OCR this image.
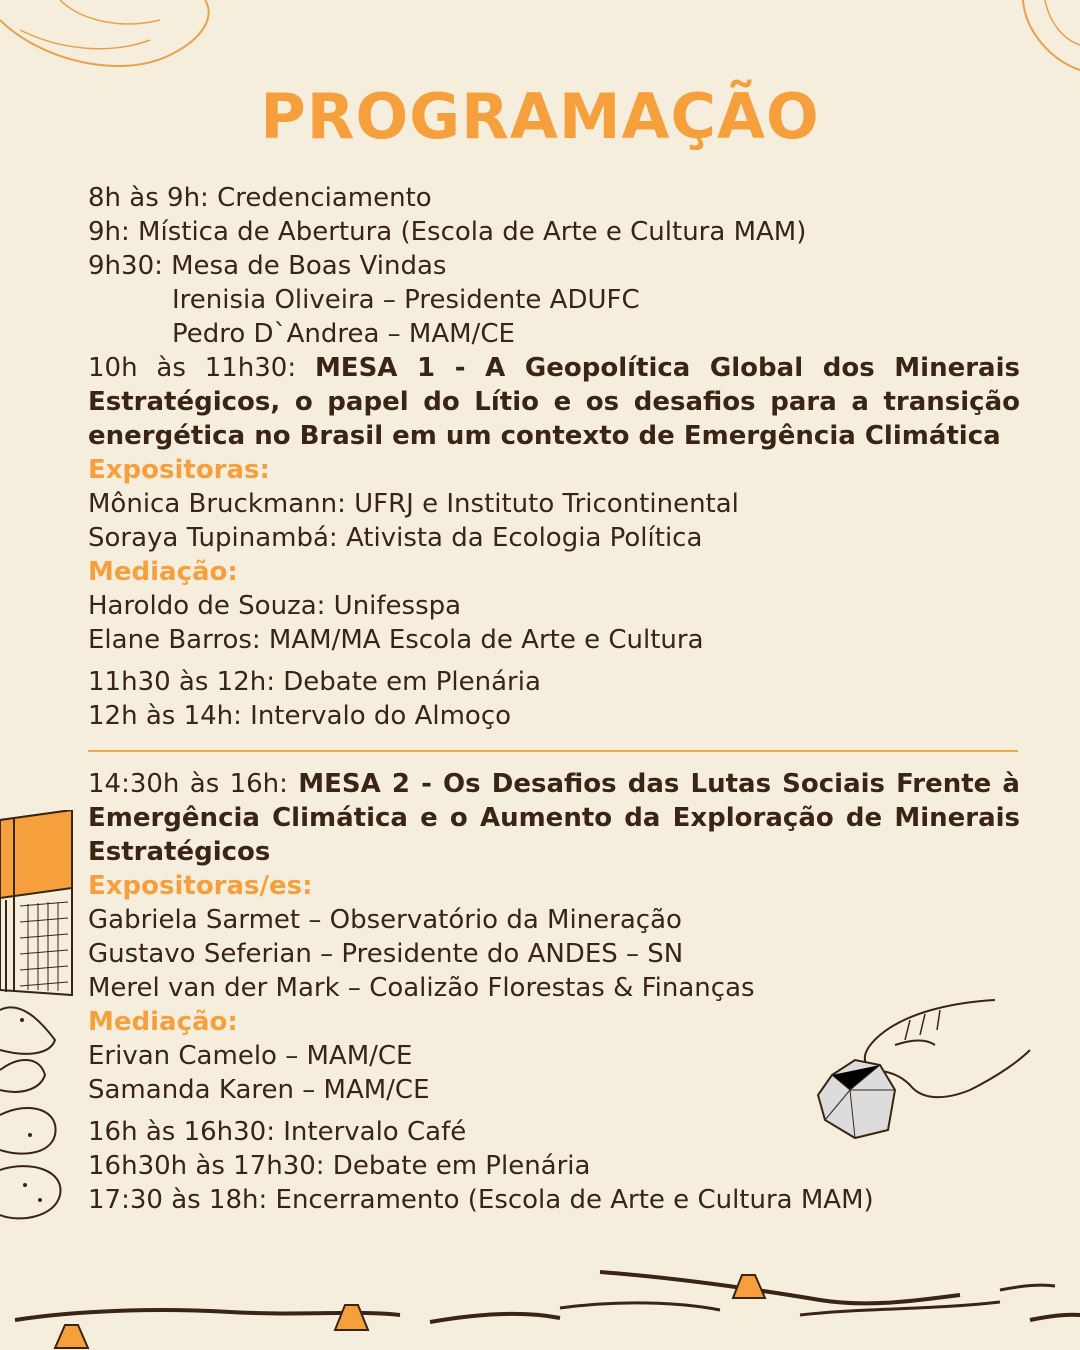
PROGRAMAÇÃO
8h às 9h: Credenciamento
9h: Mística de Abertura (Escola de Arte e Cultura MAM)
9h30: Mesa de Boas Vindas
Irenisia Oliveira – Presidente ADUFC
Pedro D`Andrea – MAM/CE
10h às 11h30: MESA 1 - A Geopolítica Global dos Minerais Estratégicos, o papel do Lítio e os desafios para a transição energética no Brasil em um contexto de Emergência Climática
Expositoras:
Mônica Bruckmann: UFRJ e Instituto Tricontinental
Soraya Tupinambá: Ativista da Ecologia Política
Mediação:
Haroldo de Souza: Unifesspa
Elane Barros: MAM/MA Escola de Arte e Cultura
11h30 às 12h: Debate em Plenária
12h às 14h: Intervalo do Almoço
14:30h às 16h: MESA 2 - Os Desafios das Lutas Sociais Frente à Emergência Climática e o Aumento da Exploração de Minerais Estratégicos
Expositoras/es:
Gabriela Sarmet – Observatório da Mineração
Gustavo Seferian – Presidente do ANDES – SN
Merel van der Mark – Coalizão Florestas & Finanças
Mediação:
Erivan Camelo – MAM/CE
Samanda Karen – MAM/CE
16h às 16h30: Intervalo Café
16h30h às 17h30: Debate em Plenária
17:30 às 18h: Encerramento (Escola de Arte e Cultura MAM)
